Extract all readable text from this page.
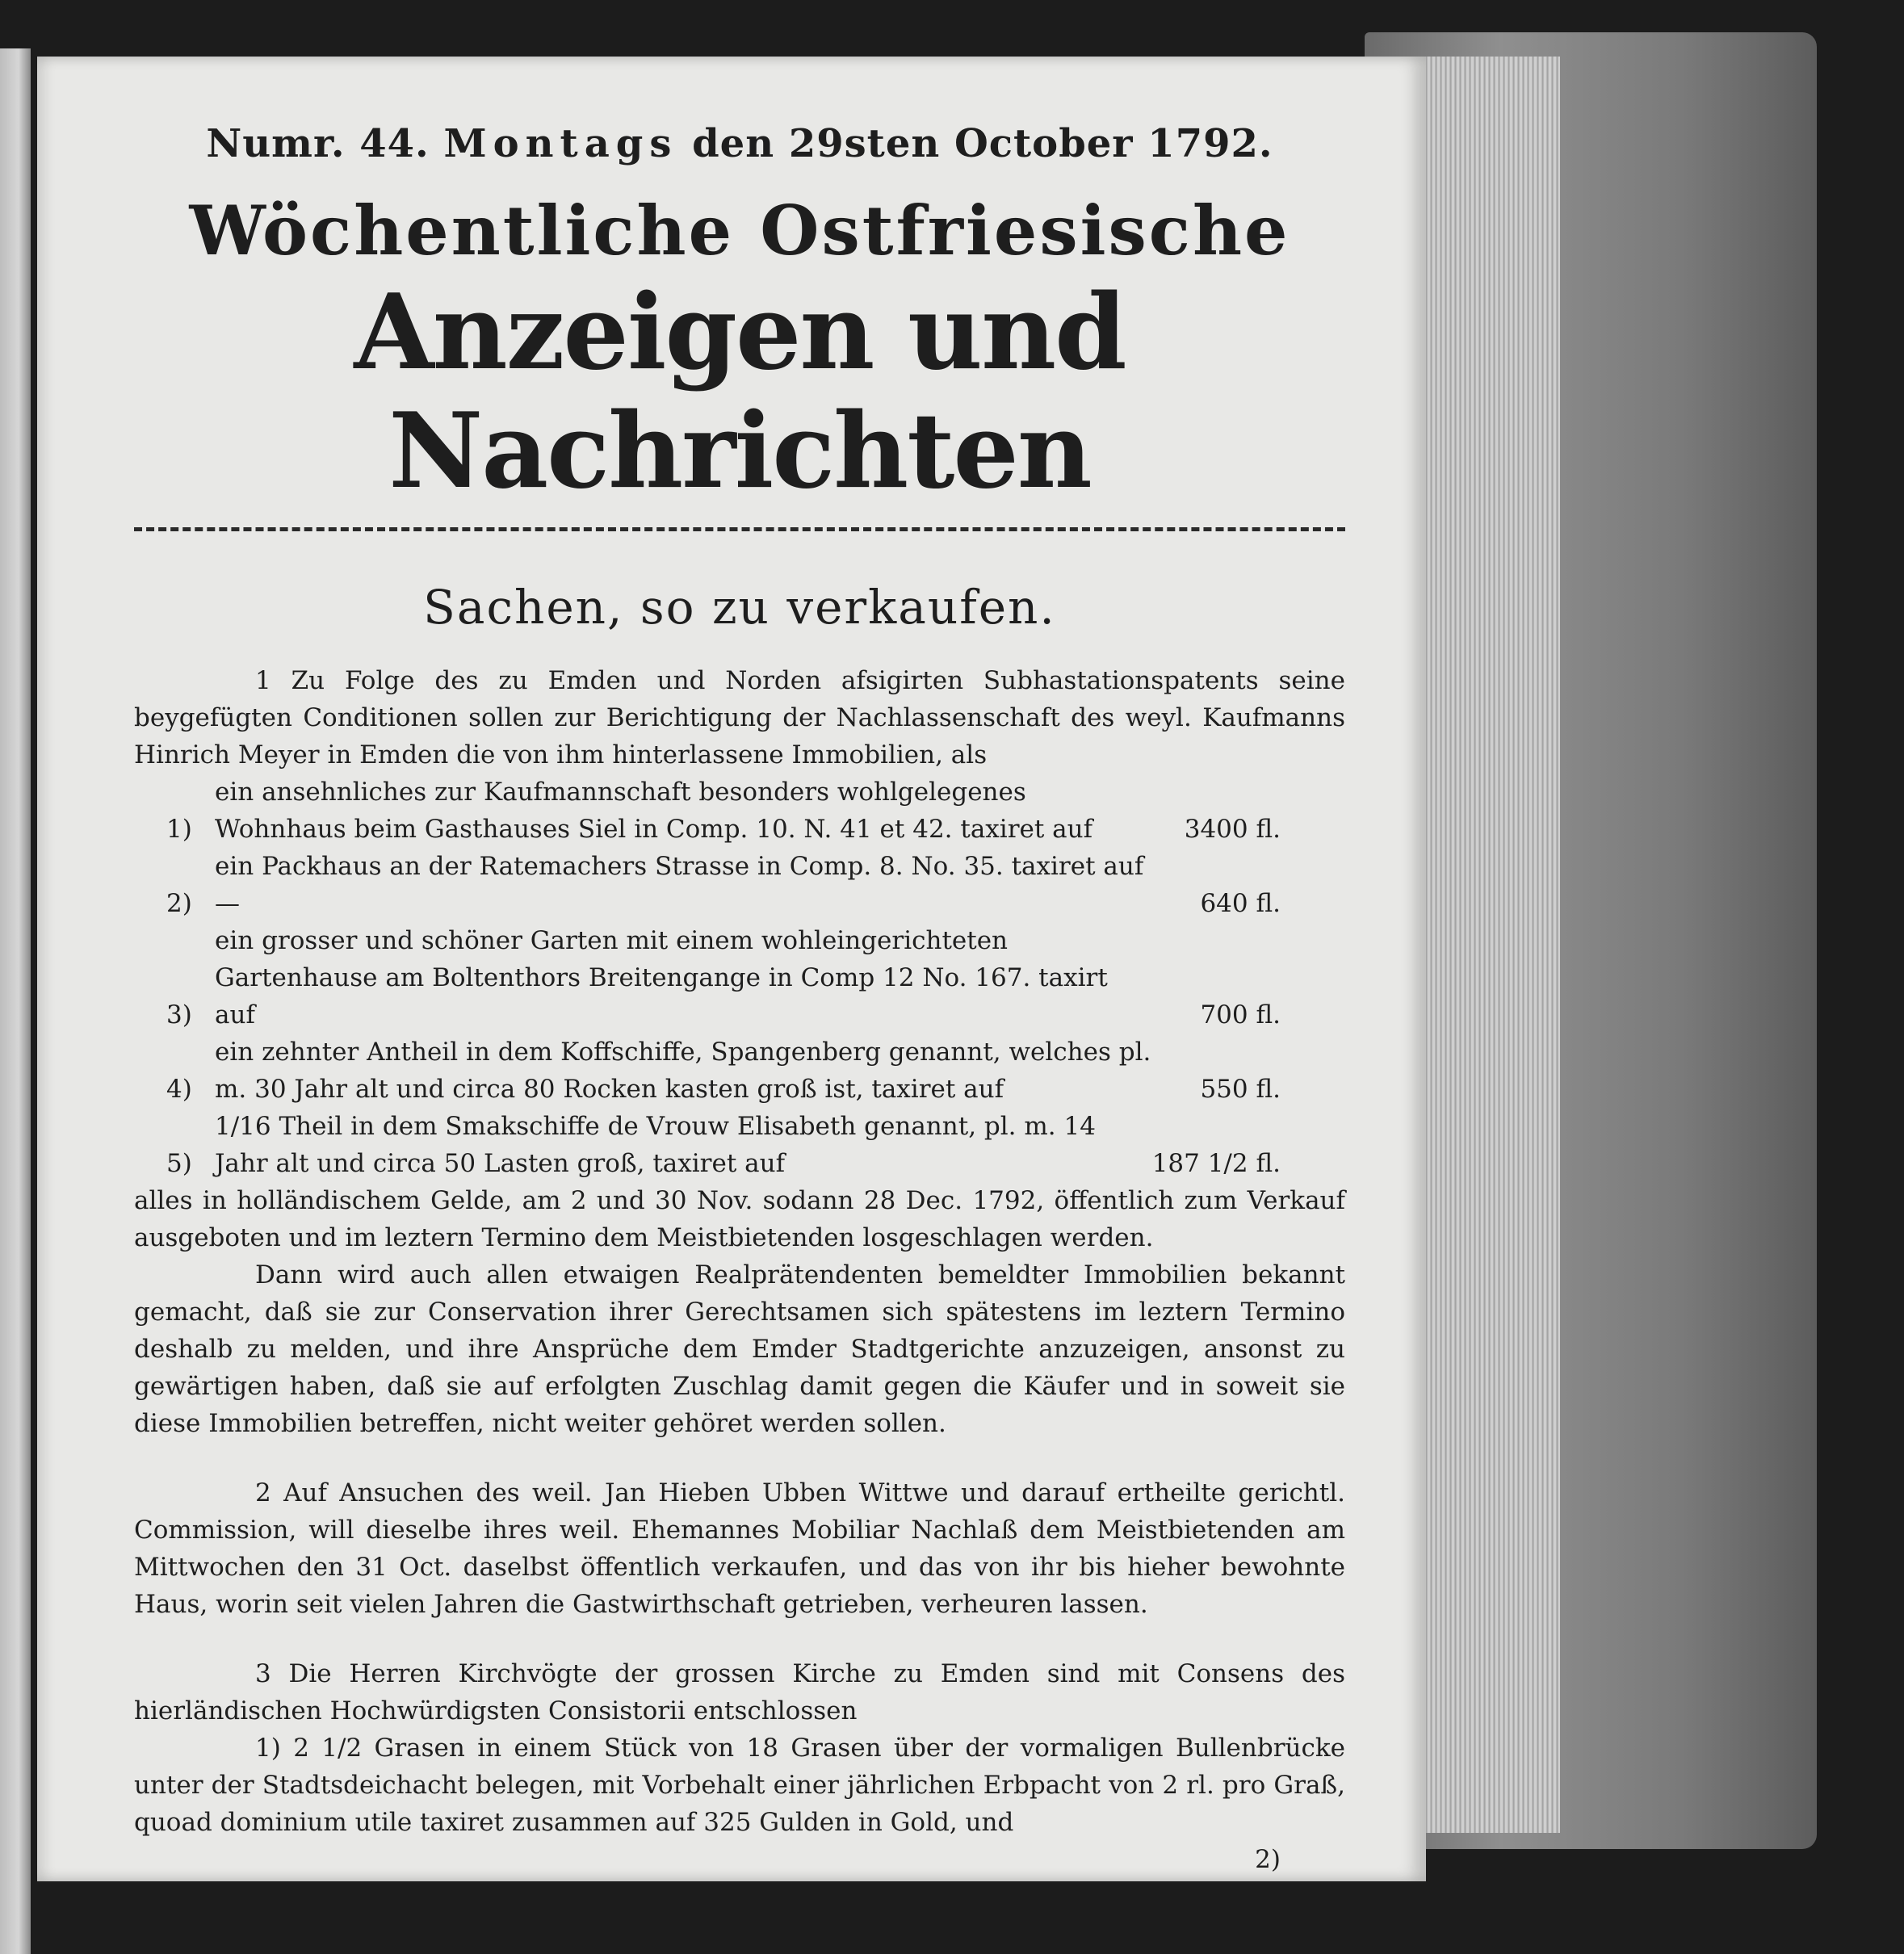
Numr. 44. Montags den 29sten October 1792.
Wöchentliche Ostfriesische
Anzeigen und Nachrichten
Sachen, so zu verkaufen.

1 Zu Folge des zu Emden und Norden afsigirten Subhastationspatents seine beygefügten Conditionen sollen zur Berichtigung der Nachlassenschaft des weyl. Kaufmanns Hinrich Meyer in Emden die von ihm hinterlassene Immobilien, als

1)
ein ansehnliches zur Kaufmannschaft besonders wohlgelegenes Wohnhaus beim Gasthauses Siel in Comp. 10. N. 41 et 42. taxiret auf	3400 fl.
2)
ein Packhaus an der Ratemachers Strasse in Comp. 8. No. 35. taxiret auf —	640 fl.
3)
ein grosser und schöner Garten mit einem wohleingerichteten Gartenhause am Boltenthors Breitengange in Comp 12 No. 167. taxirt auf	700 fl.
4)
ein zehnter Antheil in dem Koffschiffe, Spangenberg genannt, welches pl. m. 30 Jahr alt und circa 80 Rocken kasten groß ist, taxiret auf	550 fl.
5)
1/16 Theil in dem Smakschiffe de Vrouw Elisabeth genannt, pl. m. 14 Jahr alt und circa 50 Lasten groß, taxiret auf	187 1/2 fl.

alles in holländischem Gelde, am 2 und 30 Nov. sodann 28 Dec. 1792, öffentlich zum Verkauf ausgeboten und im leztern Termino dem Meistbietenden losgeschlagen werden.

Dann wird auch allen etwaigen Realprätendenten bemeldter Immobilien bekannt gemacht, daß sie zur Conservation ihrer Gerechtsamen sich spätestens im leztern Termino deshalb zu melden, und ihre Ansprüche dem Emder Stadtgerichte anzuzeigen, ansonst zu gewärtigen haben, daß sie auf erfolgten Zuschlag damit gegen die Käufer und in soweit sie diese Immobilien betreffen, nicht weiter gehöret werden sollen.

2 Auf Ansuchen des weil. Jan Hieben Ubben Wittwe und darauf ertheilte gerichtl. Commission, will dieselbe ihres weil. Ehemannes Mobiliar Nachlaß dem Meistbietenden am Mittwochen den 31 Oct. daselbst öffentlich verkaufen, und das von ihr bis hieher bewohnte Haus, worin seit vielen Jahren die Gastwirthschaft getrieben, verheuren lassen.

3 Die Herren Kirchvögte der grossen Kirche zu Emden sind mit Consens des hierländischen Hochwürdigsten Consistorii entschlossen

1) 2 1/2 Grasen in einem Stück von 18 Grasen über der vormaligen Bullenbrücke unter der Stadtsdeichacht belegen, mit Vorbehalt einer jährlichen Erbpacht von 2 rl. pro Graß, quoad dominium utile taxiret zusammen auf 325 Gulden in Gold, und

2)
